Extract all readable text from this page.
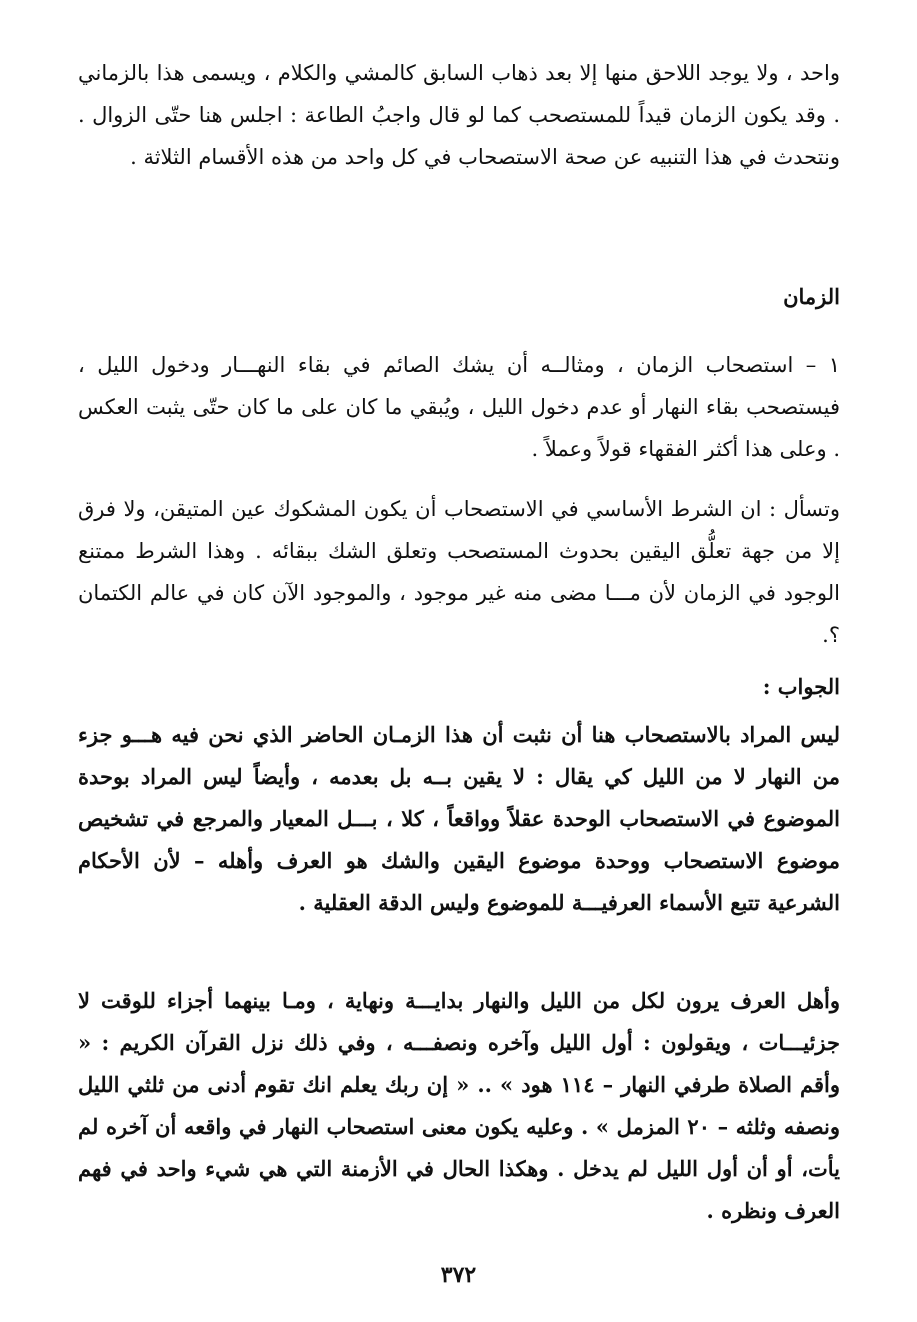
واحد ، ولا يوجد اللاحق منها إلا بعد ذهاب السابق كالمشي والكلام ، ويسمى هذا بالزماني . وقد يكون الزمان قيداً للمستصحب كما لو قال واجبُ الطاعة : اجلس هنا حتّى الزوال . ونتحدث في هذا التنبيه عن صحة الاستصحاب في كل واحد من هذه الأقسام الثلاثة .

الزمان

١ – استصحاب الزمان ، ومثالــه أن يشك الصائم في بقاء النهـــار ودخول الليل ، فيستصحب بقاء النهار أو عدم دخول الليل ، ويُبقي ما كان على ما كان حتّى يثبت العكس . وعلى هذا أكثر الفقهاء قولاً وعملاً .

وتسأل : ان الشرط الأساسي في الاستصحاب أن يكون المشكوك عين المتيقن، ولا فرق إلا من جهة تعلُّق اليقين بحدوث المستصحب وتعلق الشك ببقائه . وهذا الشرط ممتنع الوجود في الزمان لأن مـــا مضى منه غير موجود ، والموجود الآن كان في عالم الكتمان ؟.

الجواب :

ليس المراد بالاستصحاب هنا أن نثبت أن هذا الزمـان الحاضر الذي نحن فيه هـــو جزء من النهار لا من الليل كي يقال : لا يقين بــه بل بعدمه ، وأيضاً ليس المراد بوحدة الموضوع في الاستصحاب الوحدة عقلاً وواقعاً ، كلا ، بـــل المعيار والمرجع في تشخيص موضوع الاستصحاب ووحدة موضوع اليقين والشك هو العرف وأهله – لأن الأحكام الشرعية تتبع الأسماء العرفيـــة للموضوع وليس الدقة العقلية .

وأهل العرف يرون لكل من الليل والنهار بدايـــة ونهاية ، ومـا بينهما أجزاء للوقت لا جزئيـــات ، ويقولون : أول الليل وآخره ونصفـــه ، وفي ذلك نزل القرآن الكريم : « وأقم الصلاة طرفي النهار – ١١٤ هود » .. « إن ربك يعلم انك تقوم أدنى من ثلثي الليل ونصفه وثلثه – ٢٠ المزمل » . وعليه يكون معنى استصحاب النهار في واقعه أن آخره لم يأت، أو أن أول الليل لم يدخل . وهكذا الحال في الأزمنة التي هي شيء واحد في فهم العرف ونظره .

٣٧٢
